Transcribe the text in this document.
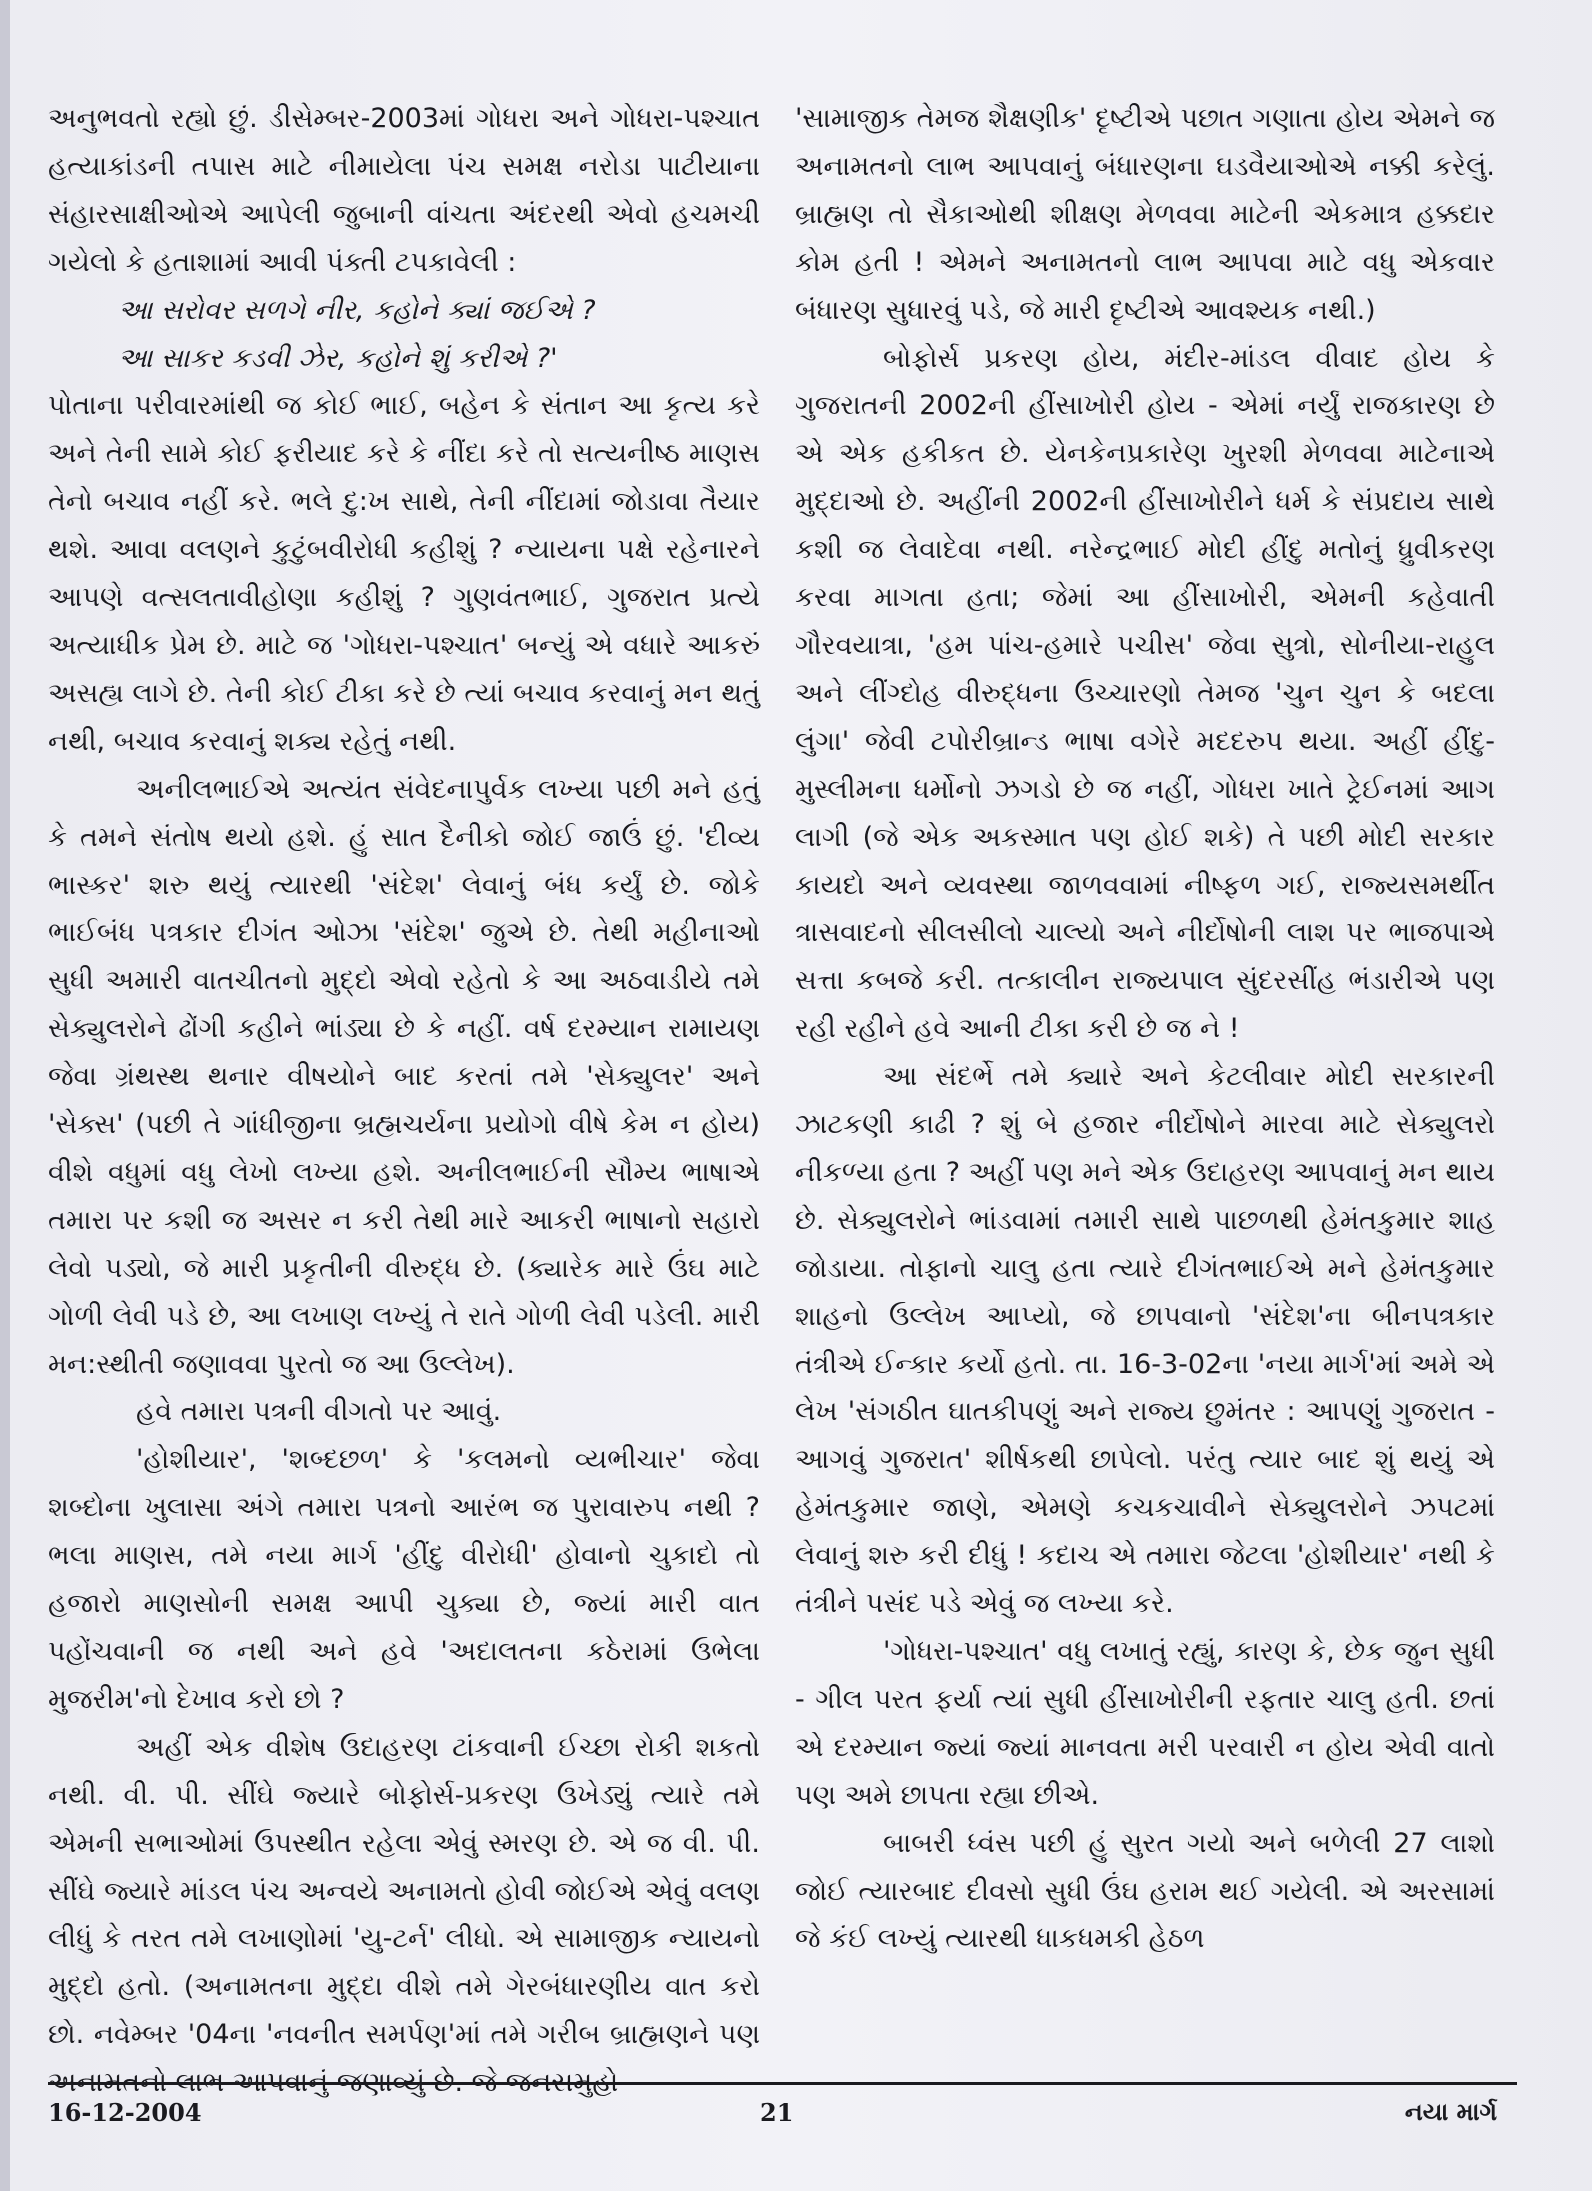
અનુભવતો રહ્યો છું. ડીસેમ્બર-2003માં ગોધરા અને ગોધરા-પશ્ચાત હત્યાકાંડની તપાસ માટે નીમાયેલા પંચ સમક્ષ નરોડા પાટીયાના સંહારસાક્ષીઓએ આપેલી જુબાની વાંચતા અંદરથી એવો હચમચી ગયેલો કે હતાશામાં આવી પંક્તી ટપકાવેલી :

આ સરોવર સળગે નીર, કહોને ક્યાં જઈએ ?

આ સાકર કડવી ઝેર, કહોને શું કરીએ ?'

પોતાના પરીવારમાંથી જ કોઈ ભાઈ, બહેન કે સંતાન આ કૃત્ય કરે અને તેની સામે કોઈ ફરીયાદ કરે કે નીંદા કરે તો સત્યનીષ્ઠ માણસ તેનો બચાવ નહીં કરે. ભલે દુ:ખ સાથે, તેની નીંદામાં જોડાવા તૈયાર થશે. આવા વલણને કુટુંબવીરોધી કહીશું ? ન્યાયના પક્ષે રહેનારને આપણે વત્સલતાવીહોણા કહીશું ? ગુણવંતભાઈ, ગુજરાત પ્રત્યે અત્યાધીક પ્રેમ છે. માટે જ 'ગોધરા-પશ્ચાત' બન્યું એ વધારે આકરું અસહ્ય લાગે છે. તેની કોઈ ટીકા કરે છે ત્યાં બચાવ કરવાનું મન થતું નથી, બચાવ કરવાનું શક્ય રહેતું નથી.

અનીલભાઈએ અત્યંત સંવેદનાપુર્વક લખ્યા પછી મને હતું કે તમને સંતોષ થયો હશે. હું સાત દૈનીકો જોઈ જાઉં છું. 'દીવ્ય ભાસ્કર' શરુ થયું ત્યારથી 'સંદેશ' લેવાનું બંધ કર્યું છે. જોકે ભાઈબંધ પત્રકાર દીગંત ઓઝા 'સંદેશ' જુએ છે. તેથી મહીનાઓ સુધી અમારી વાતચીતનો મુદ્દો એવો રહેતો કે આ અઠવાડીયે તમે સેક્યુલરોને ઢોંગી કહીને ભાંડ્યા છે કે નહીં. વર્ષ દરમ્યાન રામાયણ જેવા ગ્રંથસ્થ થનાર વીષયોને બાદ કરતાં તમે 'સેક્યુલર' અને 'સેક્સ' (પછી તે ગાંધીજીના બ્રહ્મચર્યના પ્રયોગો વીષે કેમ ન હોય) વીશે વધુમાં વધુ લેખો લખ્યા હશે. અનીલભાઈની સૌમ્ય ભાષાએ તમારા પર કશી જ અસર ન કરી તેથી મારે આકરી ભાષાનો સહારો લેવો પડ્યો, જે મારી પ્રકૃતીની વીરુદ્ધ છે. (ક્યારેક મારે ઉંઘ માટે ગોળી લેવી પડે છે, આ લખાણ લખ્યું તે રાતે ગોળી લેવી પડેલી. મારી મન:સ્થીતી જણાવવા પુરતો જ આ ઉલ્લેખ).

હવે તમારા પત્રની વીગતો પર આવું.

'હોશીયાર', 'શબ્દછળ' કે 'કલમનો વ્યભીચાર' જેવા શબ્દોના ખુલાસા અંગે તમારા પત્રનો આરંભ જ પુરાવારુપ નથી ? ભલા માણસ, તમે નયા માર્ગ 'હીંદુ વીરોધી' હોવાનો ચુકાદો તો હજારો માણસોની સમક્ષ આપી ચુક્યા છે, જ્યાં મારી વાત પહોંચવાની જ નથી અને હવે 'અદાલતના કઠેરામાં ઉભેલા મુજરીમ'નો દેખાવ કરો છો ?

અહીં એક વીશેષ ઉદાહરણ ટાંકવાની ઈચ્છા રોકી શકતો નથી. વી. પી. સીંઘે જ્યારે બોફોર્સ-પ્રકરણ ઉખેડ્યું ત્યારે તમે એમની સભાઓમાં ઉપસ્થીત રહેલા એવું સ્મરણ છે. એ જ વી. પી. સીંઘે જ્યારે માંડલ પંચ અન્વયે અનામતો હોવી જોઈએ એવું વલણ લીધું કે તરત તમે લખાણોમાં 'યુ-ટર્ન' લીધો. એ સામાજીક ન્યાયનો મુદ્દો હતો. (અનામતના મુદ્દા વીશે તમે ગેરબંધારણીય વાત કરો છો. નવેમ્બર '04ના 'નવનીત સમર્પણ'માં તમે ગરીબ બ્રાહ્મણને પણ અનામતનો લાભ આપવાનું જણાવ્યું છે. જે જનસમુહો

'સામાજીક તેમજ શૈક્ષણીક' દૃષ્ટીએ પછાત ગણાતા હોય એમને જ અનામતનો લાભ આપવાનું બંધારણના ઘડવૈયાઓએ નક્કી કરેલું. બ્રાહ્મણ તો સૈકાઓથી શીક્ષણ મેળવવા માટેની એકમાત્ર હક્કદાર કોમ હતી ! એમને અનામતનો લાભ આપવા માટે વધુ એકવાર બંધારણ સુધારવું પડે, જે મારી દૃષ્ટીએ આવશ્યક નથી.)

બોફોર્સ પ્રકરણ હોય, મંદીર-માંડલ વીવાદ હોય કે ગુજરાતની 2002ની હીંસાખોરી હોય - એમાં નર્યું રાજકારણ છે એ એક હકીકત છે. યેનકેનપ્રકારેણ ખુરશી મેળવવા માટેનાએ મુદ્દાઓ છે. અહીંની 2002ની હીંસાખોરીને ધર્મ કે સંપ્રદાય સાથે કશી જ લેવાદેવા નથી. નરેન્દ્રભાઈ મોદી હીંદુ મતોનું ધ્રુવીકરણ કરવા માગતા હતા; જેમાં આ હીંસાખોરી, એમની કહેવાતી ગૌરવયાત્રા, 'હમ પાંચ-હમારે પચીસ' જેવા સુત્રો, સોનીયા-રાહુલ અને લીંગ્દોહ વીરુદ્ધના ઉચ્ચારણો તેમજ 'ચુન ચુન કે બદલા લુંગા' જેવી ટપોરીબ્રાન્ડ ભાષા વગેરે મદદરુપ થયા. અહીં હીંદુ-મુસ્લીમના ધર્મોનો ઝગડો છે જ નહીં, ગોધરા ખાતે ટ્રેઈનમાં આગ લાગી (જે એક અકસ્માત પણ હોઈ શકે) તે પછી મોદી સરકાર કાયદો અને વ્યવસ્થા જાળવવામાં નીષ્ફળ ગઈ, રાજ્યસમર્થીત ત્રાસવાદનો સીલસીલો ચાલ્યો અને નીર્દોષોની લાશ પર ભાજપાએ સત્તા કબજે કરી. તત્કાલીન રાજ્યપાલ સુંદરસીંહ ભંડારીએ પણ રહી રહીને હવે આની ટીકા કરી છે જ ને !

આ સંદર્ભે તમે ક્યારે અને કેટલીવાર મોદી સરકારની ઝાટકણી કાઢી ? શું બે હજાર નીર્દોષોને મારવા માટે સેક્યુલરો નીકળ્યા હતા ? અહીં પણ મને એક ઉદાહરણ આપવાનું મન થાય છે. સેક્યુલરોને ભાંડવામાં તમારી સાથે પાછળથી હેમંતકુમાર શાહ જોડાયા. તોફાનો ચાલુ હતા ત્યારે દીગંતભાઈએ મને હેમંતકુમાર શાહનો ઉલ્લેખ આપ્યો, જે છાપવાનો 'સંદેશ'ના બીનપત્રકાર તંત્રીએ ઈન્કાર કર્યો હતો. તા. 16-3-02ના 'નયા માર્ગ'માં અમે એ લેખ 'સંગઠીત ઘાતકીપણું અને રાજ્ય છુમંતર : આપણું ગુજરાત - આગવું ગુજરાત' શીર્ષકથી છાપેલો. પરંતુ ત્યાર બાદ શું થયું એ હેમંતકુમાર જાણે, એમણે કચકચાવીને સેક્યુલરોને ઝપટમાં લેવાનું શરુ કરી દીધું ! કદાચ એ તમારા જેટલા 'હોશીયાર' નથી કે તંત્રીને પસંદ પડે એવું જ લખ્યા કરે.

'ગોધરા-પશ્ચાત' વધુ લખાતું રહ્યું, કારણ કે, છેક જુન સુધી - ગીલ પરત ફર્યા ત્યાં સુધી હીંસાખોરીની રફતાર ચાલુ હતી. છતાં એ દરમ્યાન જ્યાં જ્યાં માનવતા મરી પરવારી ન હોય એવી વાતો પણ અમે છાપતા રહ્યા છીએ.

બાબરી ધ્વંસ પછી હું સુરત ગયો અને બળેલી 27 લાશો જોઈ ત્યારબાદ દીવસો સુધી ઉંઘ હરામ થઈ ગયેલી. એ અરસામાં જે કંઈ લખ્યું ત્યારથી ધાકધમકી હેઠળ

16-12-2004	21	નયા માર્ગ
